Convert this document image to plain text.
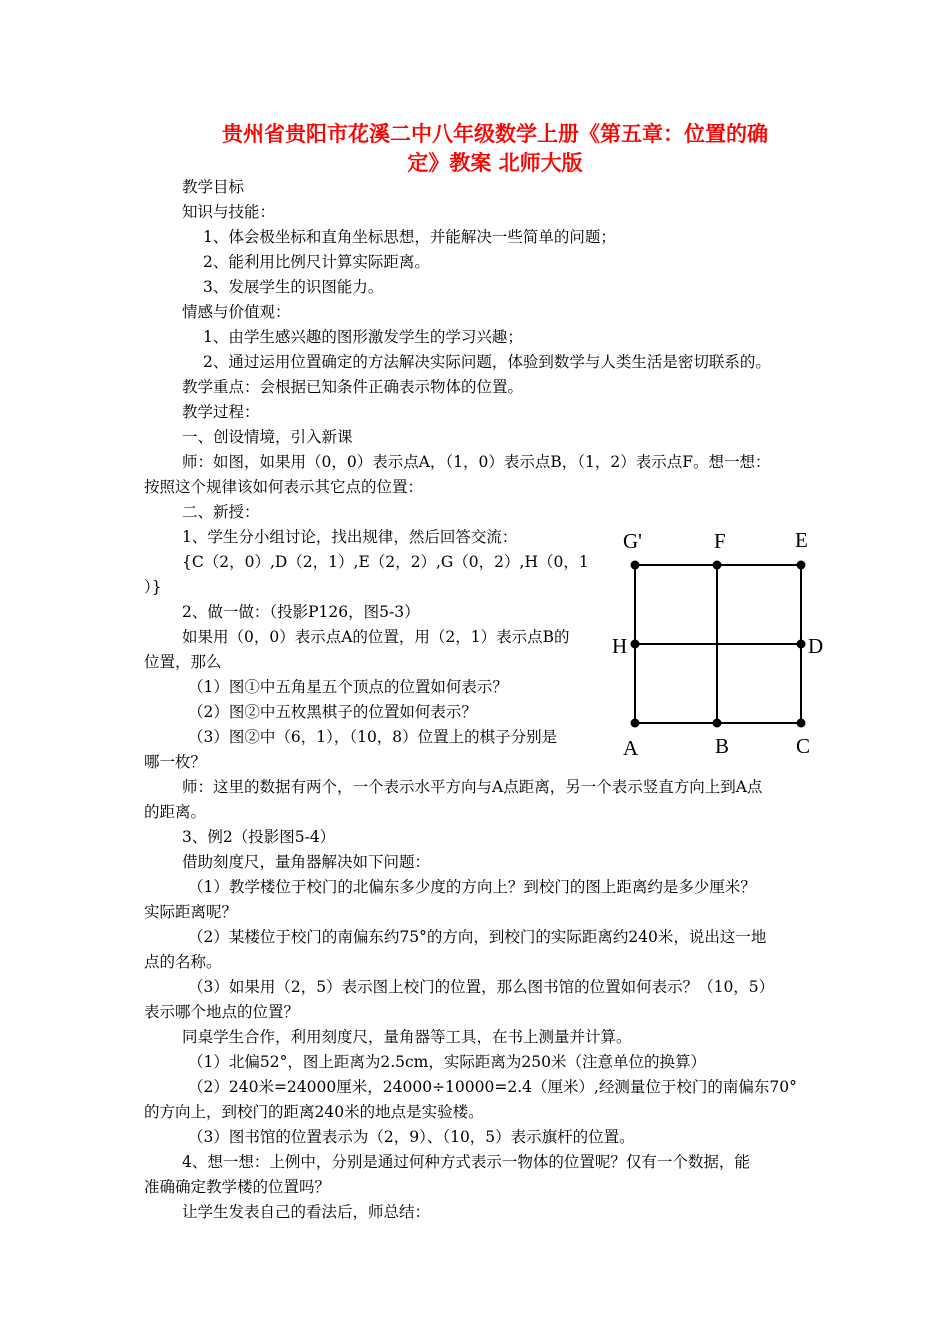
贵州省贵阳市花溪二中八年级数学上册《第五章：位置的确
定》教案 北师大版
教学目标
知识与技能：
1、体会极坐标和直角坐标思想，并能解决一些简单的问题；
2、能利用比例尺计算实际距离。
3、发展学生的识图能力。
情感与价值观：
1、由学生感兴趣的图形激发学生的学习兴趣；
2、通过运用位置确定的方法解决实际问题，体验到数学与人类生活是密切联系的。
教学重点：会根据已知条件正确表示物体的位置。
教学过程：
一、创设情境，引入新课
师：如图，如果用（0，0）表示点A，（1，0）表示点B，（1，2）表示点F。想一想：
按照这个规律该如何表示其它点的位置：
二、新授：
1、学生分小组讨论，找出规律，然后回答交流：
{C（2，0）,D（2，1）,E（2，2）,G（0，2）,H（0，1
）}
2、做一做：（投影P126，图5-3）
如果用（0，0）表示点A的位置，用（2，1）表示点B的
位置，那么
（1）图①中五角星五个顶点的位置如何表示？
（2）图②中五枚黑棋子的位置如何表示？
（3）图②中（6，1），（10，8）位置上的棋子分别是
哪一枚？
师：这里的数据有两个，一个表示水平方向与A点距离，另一个表示竖直方向上到A点
的距离。
3、例2（投影图5-4）
借助刻度尺，量角器解决如下问题：
（1）教学楼位于校门的北偏东多少度的方向上？到校门的图上距离约是多少厘米？
实际距离呢？
（2）某楼位于校门的南偏东约75°的方向，到校门的实际距离约240米，说出这一地
点的名称。
（3）如果用（2，5）表示图上校门的位置，那么图书馆的位置如何表示？（10，5）
表示哪个地点的位置？
同桌学生合作，利用刻度尺，量角器等工具，在书上测量并计算。
（1）北偏52°，图上距离为2.5cm，实际距离为250米（注意单位的换算）
（2）240米=24000厘米，24000÷10000=2.4（厘米）,经测量位于校门的南偏东70°
的方向上，到校门的距离240米的地点是实验楼。
（3）图书馆的位置表示为（2，9）、（10，5）表示旗杆的位置。
4、想一想：上例中，分别是通过何种方式表示一物体的位置呢？仅有一个数据，能
准确确定教学楼的位置吗？
让学生发表自己的看法后，师总结：
G'	F	E
H	D
A	B	C
